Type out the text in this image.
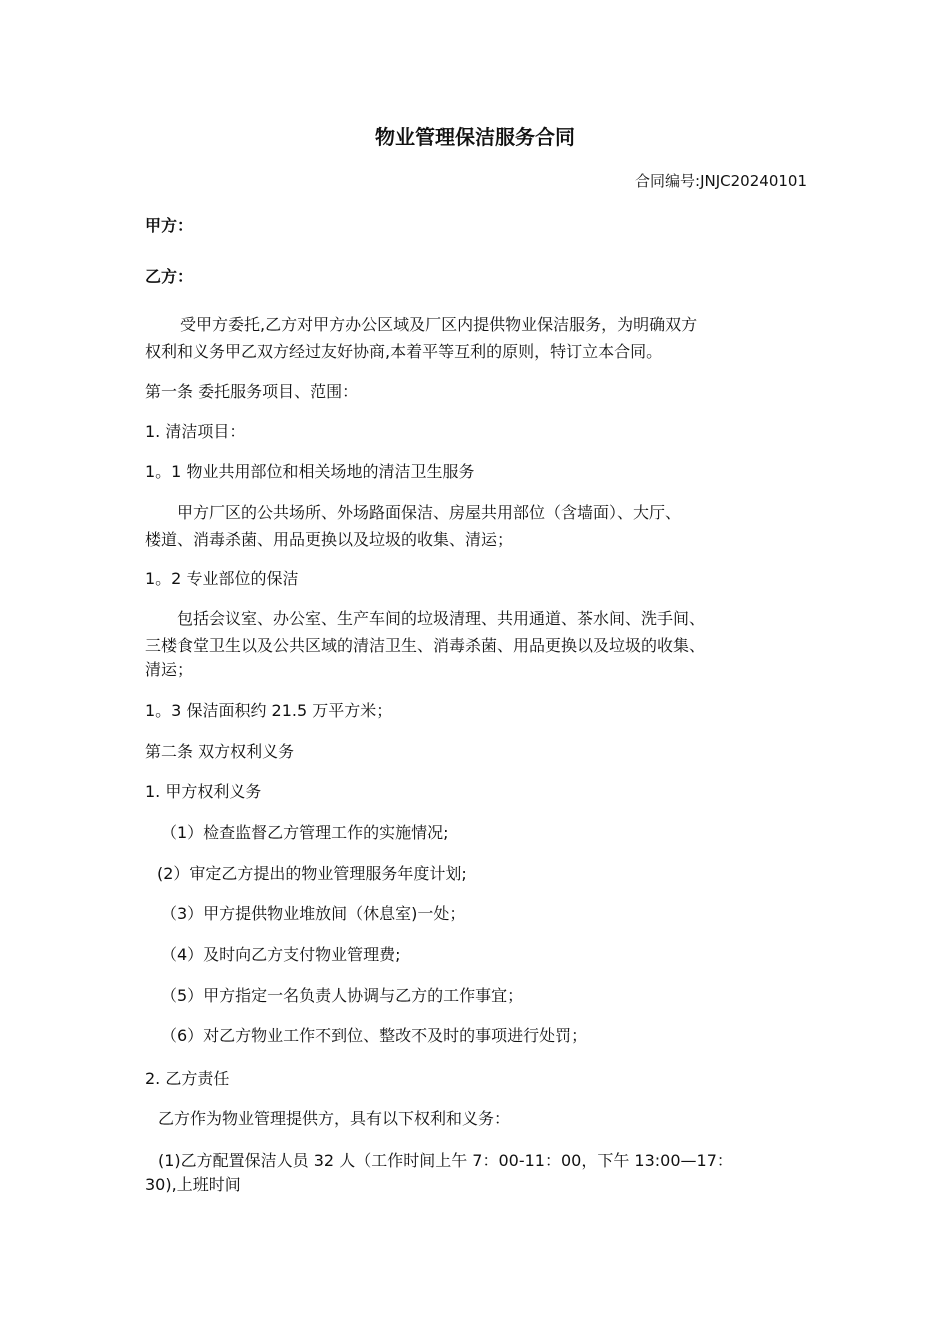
物业管理保洁服务合同
合同编号:JNJC20240101
甲方：
乙方：
受甲方委托,乙方对甲方办公区域及厂区内提供物业保洁服务，为明确双方
权利和义务甲乙双方经过友好协商,本着平等互利的原则，特订立本合同。
第一条 委托服务项目、范围：
1. 清洁项目：
1。1 物业共用部位和相关场地的清洁卫生服务
甲方厂区的公共场所、外场路面保洁、房屋共用部位（含墙面）、大厅、
楼道、消毒杀菌、用品更换以及垃圾的收集、清运；
1。2 专业部位的保洁
包括会议室、办公室、生产车间的垃圾清理、共用通道、茶水间、洗手间、
三楼食堂卫生以及公共区域的清洁卫生、消毒杀菌、用品更换以及垃圾的收集、
清运；
1。3 保洁面积约 21.5 万平方米；
第二条 双方权利义务
1. 甲方权利义务
（1）检查监督乙方管理工作的实施情况;
(2）审定乙方提出的物业管理服务年度计划;
（3）甲方提供物业堆放间（休息室)一处；
（4）及时向乙方支付物业管理费;
（5）甲方指定一名负责人协调与乙方的工作事宜；
（6）对乙方物业工作不到位、整改不及时的事项进行处罚；
2. 乙方责任
乙方作为物业管理提供方，具有以下权利和义务：
(1)乙方配置保洁人员 32 人（工作时间上午 7：00-11：00，下午 13:00—17：
30),上班时间
